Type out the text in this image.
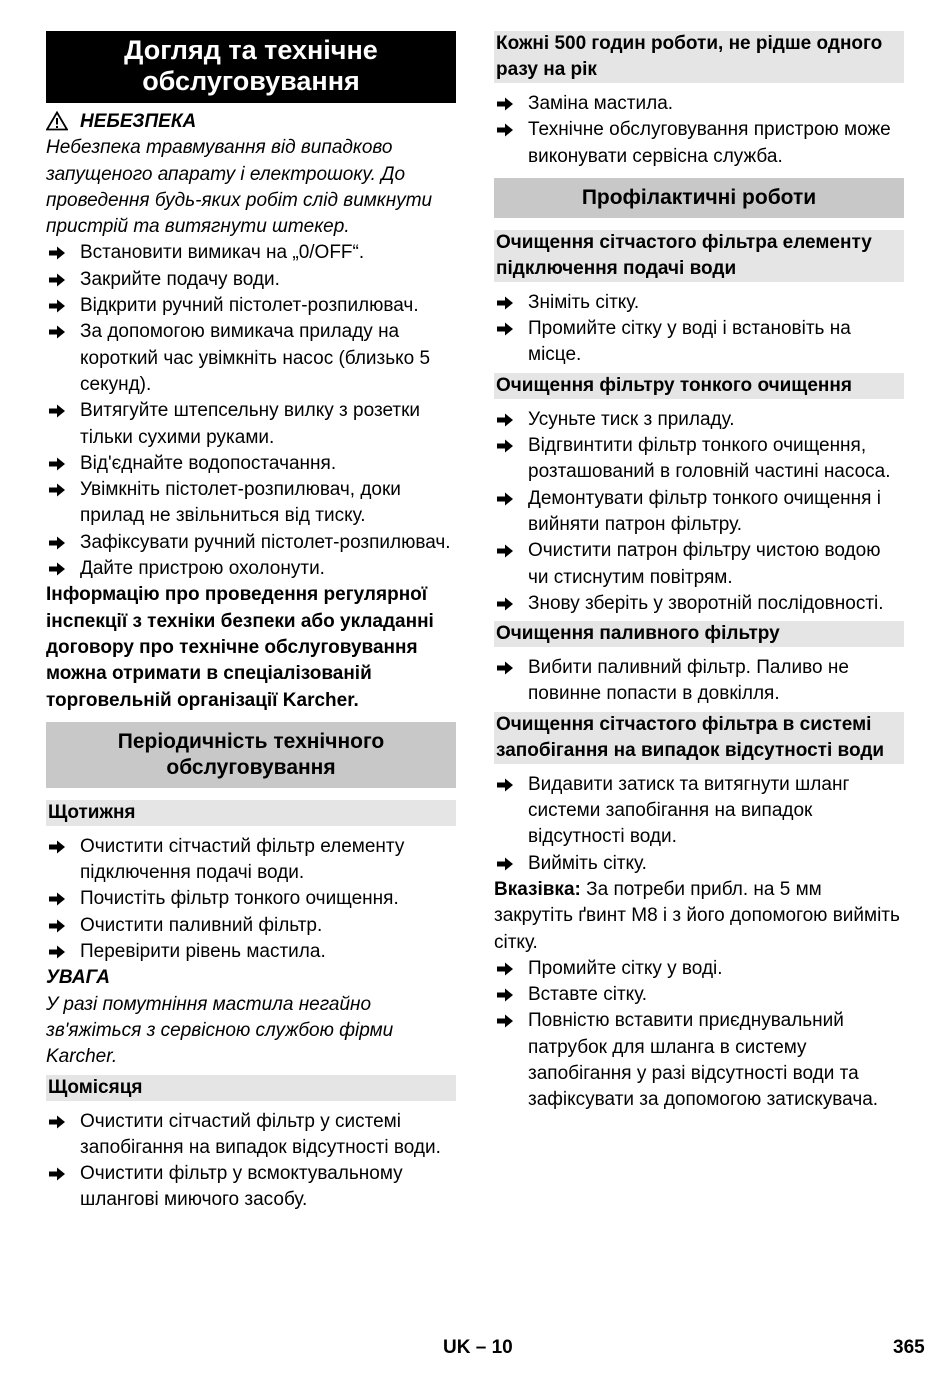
Догляд та технічне обслуговування
НЕБЕЗПЕКА

Небезпека травмування від випадково запущеного апарату і електрошоку. До проведення будь-яких робіт слід вимкнути пристрій та витягнути штекер.

Встановити вимикач на „0/OFF“.
Закрийте подачу води.
Відкрити ручний пістолет-розпилювач.
За допомогою вимикача приладу на короткий час увімкніть насос (близько 5 секунд).
Витягуйте штепсельну вилку з розетки тільки сухими руками.
Від'єднайте водопостачання.
Увімкніть пістолет-розпилювач, доки прилад не звільниться від тиску.
Зафіксувати ручний пістолет-розпилювач.
Дайте пристрою охолонути.

Інформацію про проведення регулярної інспекції з техніки безпеки або укладанні договору про технічне обслуговування можна отримати в спеціалізованій торговельній організації Karcher.

Періодичність технічного обслуговування
Щотижня
Очистити сітчастий фільтр елементу підключення подачі води.
Почистіть фільтр тонкого очищення.
Очистити паливний фільтр.
Перевірити рівень мастила.
УВАГА

У разі помутніння мастила негайно зв'яжіться з сервісною службою фірми Karcher.

Щомісяця
Очистити сітчастий фільтр у системі запобігання на випадок відсутності води.
Очистити фільтр у всмоктувальному шлангові миючого засобу.
Кожні 500 годин роботи, не рідше одного разу на рік
Заміна мастила.
Технічне обслуговування пристрою може виконувати сервісна служба.
Профілактичні роботи
Очищення сітчастого фільтра елементу підключення подачі води
Зніміть сітку.
Промийте сітку у воді і встановіть на місце.
Очищення фільтру тонкого очищення
Усуньте тиск з приладу.
Відгвинтити фільтр тонкого очищення, розташований в головній частині насоса.
Демонтувати фільтр тонкого очищення і вийняти патрон фільтру.
Очистити патрон фільтру чистою водою чи стиснутим повітрям.
Знову зберіть у зворотній послідовності.
Очищення паливного фільтру
Вибити паливний фільтр. Паливо не повинне попасти в довкілля.
Очищення сітчастого фільтра в системі запобігання на випадок відсутності води
Видавити затиск та витягнути шланг системи запобігання на випадок відсутності води.
Вийміть сітку.

Вказівка: За потреби прибл. на 5 мм закрутіть ґвинт М8 і з його допомогою вийміть сітку.

Промийте сітку у воді.
Вставте сітку.
Повністю вставити приєднувальний патрубок для шланга в систему запобігання у разі відсутності води та зафіксувати за допомогою затискувача.
UK – 10	365
